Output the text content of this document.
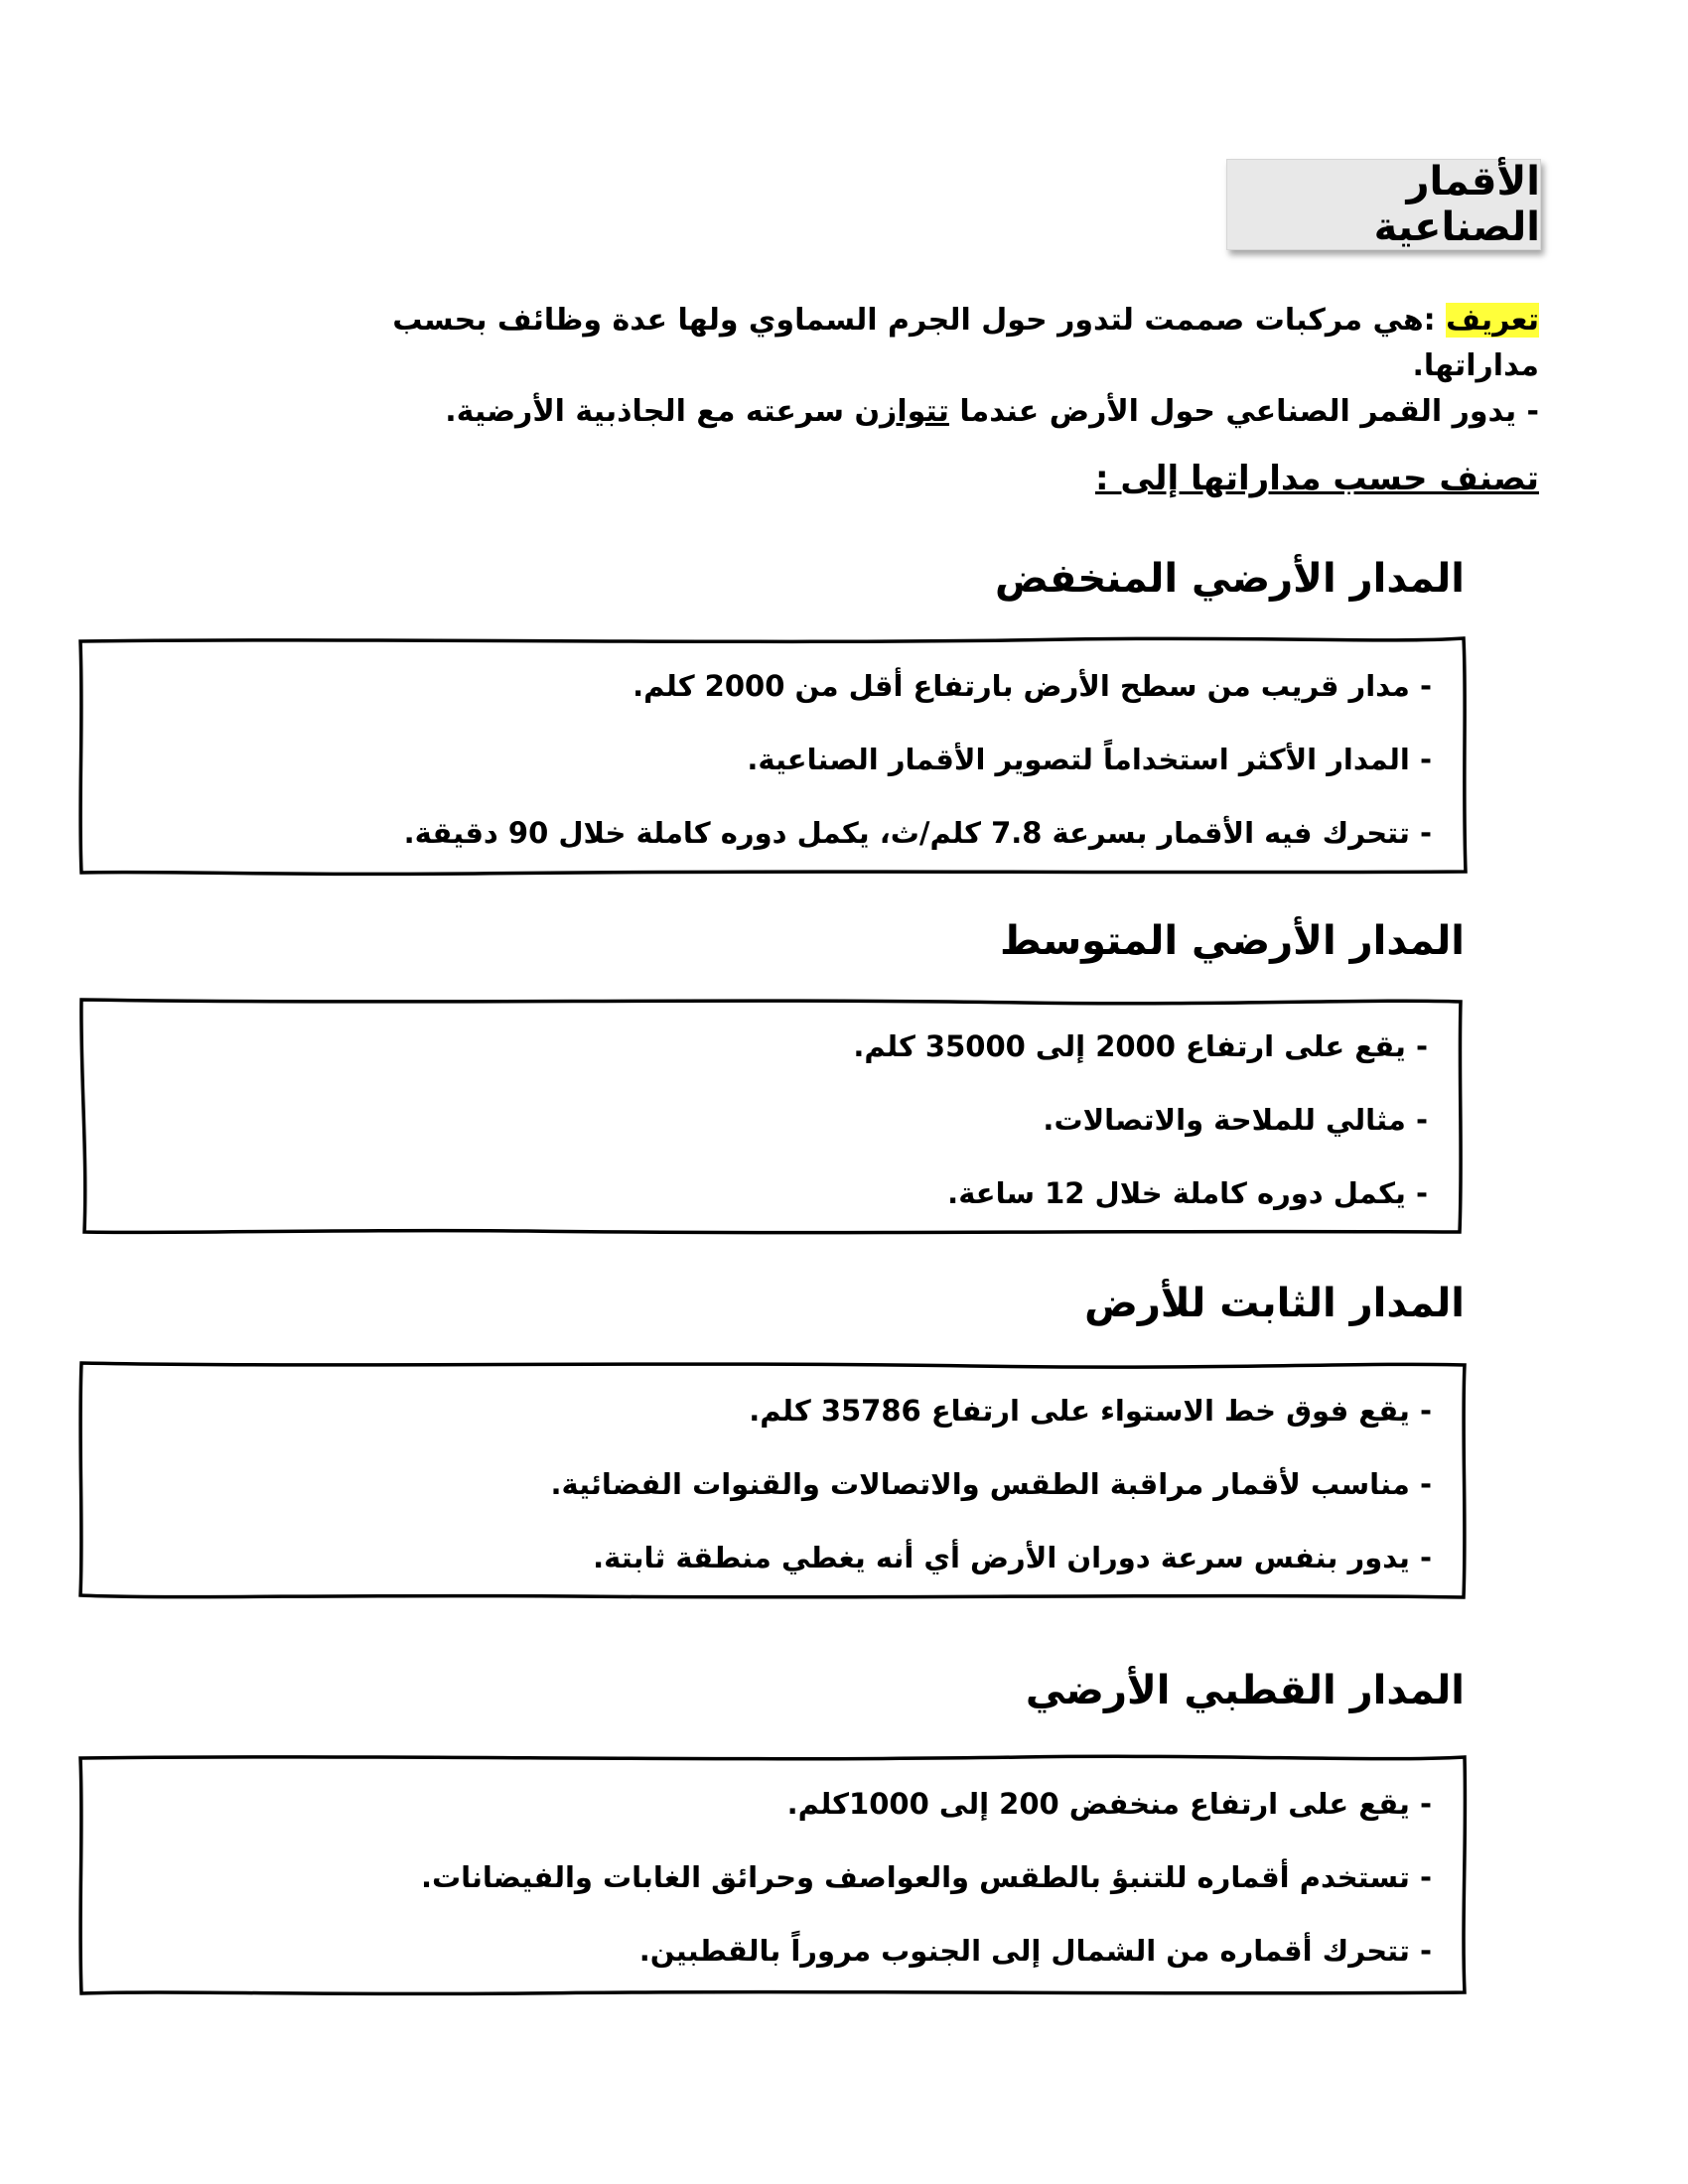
الأقمار الصناعية
تعريف :هي مركبات صممت لتدور حول الجرم السماوي ولها عدة وظائف بحسب مداراتها.
- يدور القمر الصناعي حول الأرض عندما تتوازن سرعته مع الجاذبية الأرضية.
تصنف حسب مداراتها إلى :
المدار الأرضي المنخفض
- مدار قريب من سطح الأرض بارتفاع أقل من 2000 كلم.
- المدار الأكثر استخداماً لتصوير الأقمار الصناعية.
- تتحرك فيه الأقمار بسرعة 7.8 كلم/ث، يكمل دوره كاملة خلال 90 دقيقة.
المدار الأرضي المتوسط
- يقع على ارتفاع 2000 إلى 35000 كلم.
- مثالي للملاحة والاتصالات.
- يكمل دوره كاملة خلال 12 ساعة.
المدار الثابت للأرض
- يقع فوق خط الاستواء على ارتفاع 35786 كلم.
- مناسب لأقمار مراقبة الطقس والاتصالات والقنوات الفضائية.
- يدور بنفس سرعة دوران الأرض أي أنه يغطي منطقة ثابتة.
المدار القطبي الأرضي
- يقع على ارتفاع منخفض 200 إلى 1000كلم.
- تستخدم أقماره للتنبؤ بالطقس والعواصف وحرائق الغابات والفيضانات.
- تتحرك أقماره من الشمال إلى الجنوب مروراً بالقطبين.
